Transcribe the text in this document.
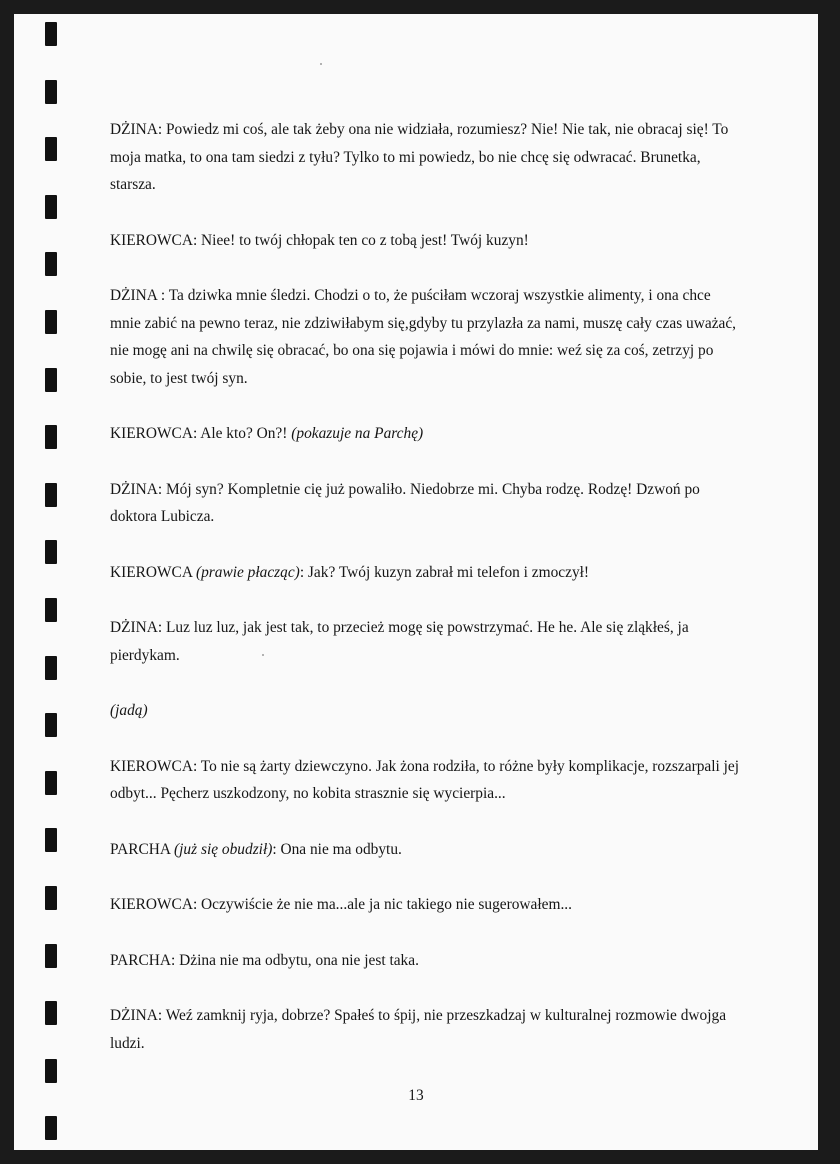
DŻINA: Powiedz mi coś, ale tak żeby ona nie widziała, rozumiesz? Nie! Nie tak, nie obracaj się! To moja matka, to ona tam siedzi z tyłu? Tylko to mi powiedz, bo nie chcę się odwracać. Brunetka, starsza.

KIEROWCA: Niee! to twój chłopak ten co z tobą jest! Twój kuzyn!

DŻINA : Ta dziwka mnie śledzi. Chodzi o to, że puściłam wczoraj wszystkie alimenty, i ona chce mnie zabić na pewno teraz, nie zdziwiłabym się,gdyby tu przylazła za nami, muszę cały czas uważać, nie mogę ani na chwilę się obracać, bo ona się pojawia i mówi do mnie: weź się za coś, zetrzyj po sobie, to jest twój syn.

KIEROWCA: Ale kto? On?! (pokazuje na Parchę)

DŻINA: Mój syn? Kompletnie cię już powaliło. Niedobrze mi. Chyba rodzę. Rodzę! Dzwoń po doktora Lubicza.

KIEROWCA (prawie płacząc): Jak? Twój kuzyn zabrał mi telefon i zmoczył!

DŻINA: Luz luz luz, jak jest tak, to przecież mogę się powstrzymać. He he. Ale się zląkłeś, ja pierdykam.

(jadą)

KIEROWCA: To nie są żarty dziewczyno. Jak żona rodziła, to różne były komplikacje, rozszarpali jej odbyt... Pęcherz uszkodzony, no kobita strasznie się wycierpia...

PARCHA (już się obudził): Ona nie ma odbytu.

KIEROWCA: Oczywiście że nie ma...ale ja nic takiego nie sugerowałem...

PARCHA: Dżina nie ma odbytu, ona nie jest taka.

DŻINA: Weź zamknij ryja, dobrze? Spałeś to śpij, nie przeszkadzaj w kulturalnej rozmowie dwojga ludzi.

13
